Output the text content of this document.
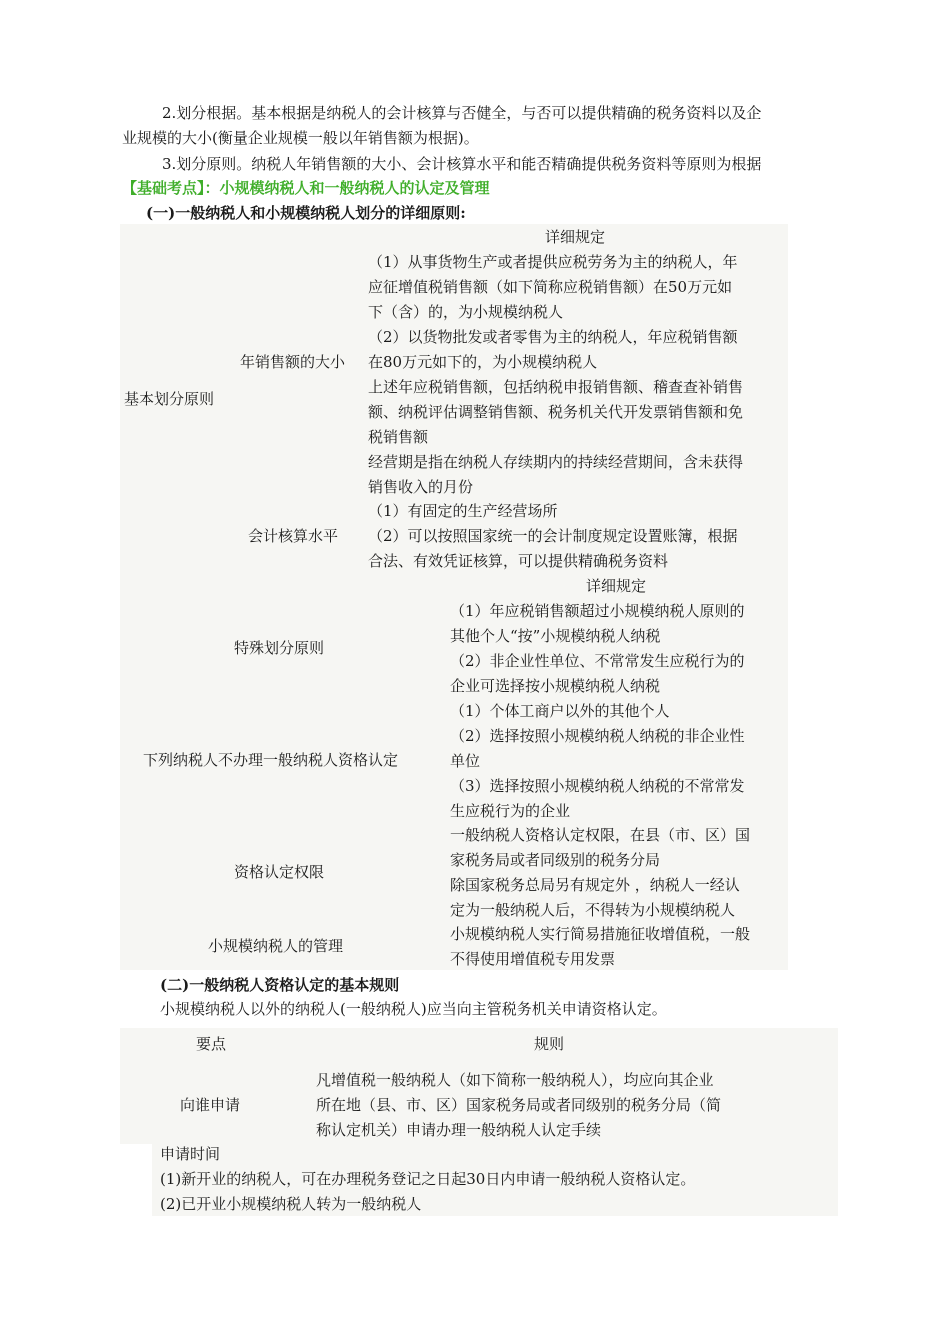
2.划分根据。基本根据是纳税人的会计核算与否健全，与否可以提供精确的税务资料以及企
业规模的大小(衡量企业规模一般以年销售额为根据)。
3.划分原则。纳税人年销售额的大小、会计核算水平和能否精确提供税务资料等原则为根据
【基础考点】：小规模纳税人和一般纳税人的认定及管理
(一)一般纳税人和小规模纳税人划分的详细原则:
详细规定
基本划分原则
年销售额的大小
（1）从事货物生产或者提供应税劳务为主的纳税人，年
应征增值税销售额（如下简称应税销售额）在50万元如
下（含）的，为小规模纳税人
（2）以货物批发或者零售为主的纳税人，年应税销售额
在80万元如下的，为小规模纳税人
上述年应税销售额，包括纳税申报销售额、稽查查补销售
额、纳税评估调整销售额、税务机关代开发票销售额和免
税销售额
经营期是指在纳税人存续期内的持续经营期间，含未获得
销售收入的月份
会计核算水平
（1）有固定的生产经营场所
（2）可以按照国家统一的会计制度规定设置账簿，根据
合法、有效凭证核算，可以提供精确税务资料
详细规定
特殊划分原则
（1）年应税销售额超过小规模纳税人原则的
其他个人“按”小规模纳税人纳税
（2）非企业性单位、不常常发生应税行为的
企业可选择按小规模纳税人纳税
下列纳税人不办理一般纳税人资格认定
（1）个体工商户以外的其他个人
（2）选择按照小规模纳税人纳税的非企业性
单位
（3）选择按照小规模纳税人纳税的不常常发
生应税行为的企业
资格认定权限
一般纳税人资格认定权限，在县（市、区）国
家税务局或者同级别的税务分局
除国家税务总局另有规定外 ，纳税人一经认
定为一般纳税人后，不得转为小规模纳税人
小规模纳税人的管理
小规模纳税人实行简易措施征收增值税，一般
不得使用增值税专用发票
(二)一般纳税人资格认定的基本规则
小规模纳税人以外的纳税人(一般纳税人)应当向主管税务机关申请资格认定。
要点	规则
向谁申请
凡增值税一般纳税人（如下简称一般纳税人），均应向其企业
所在地（县、市、区）国家税务局或者同级别的税务分局（简
称认定机关）申请办理一般纳税人认定手续
申请时间
(1)新开业的纳税人，可在办理税务登记之日起30日内申请一般纳税人资格认定。
(2)已开业小规模纳税人转为一般纳税人
